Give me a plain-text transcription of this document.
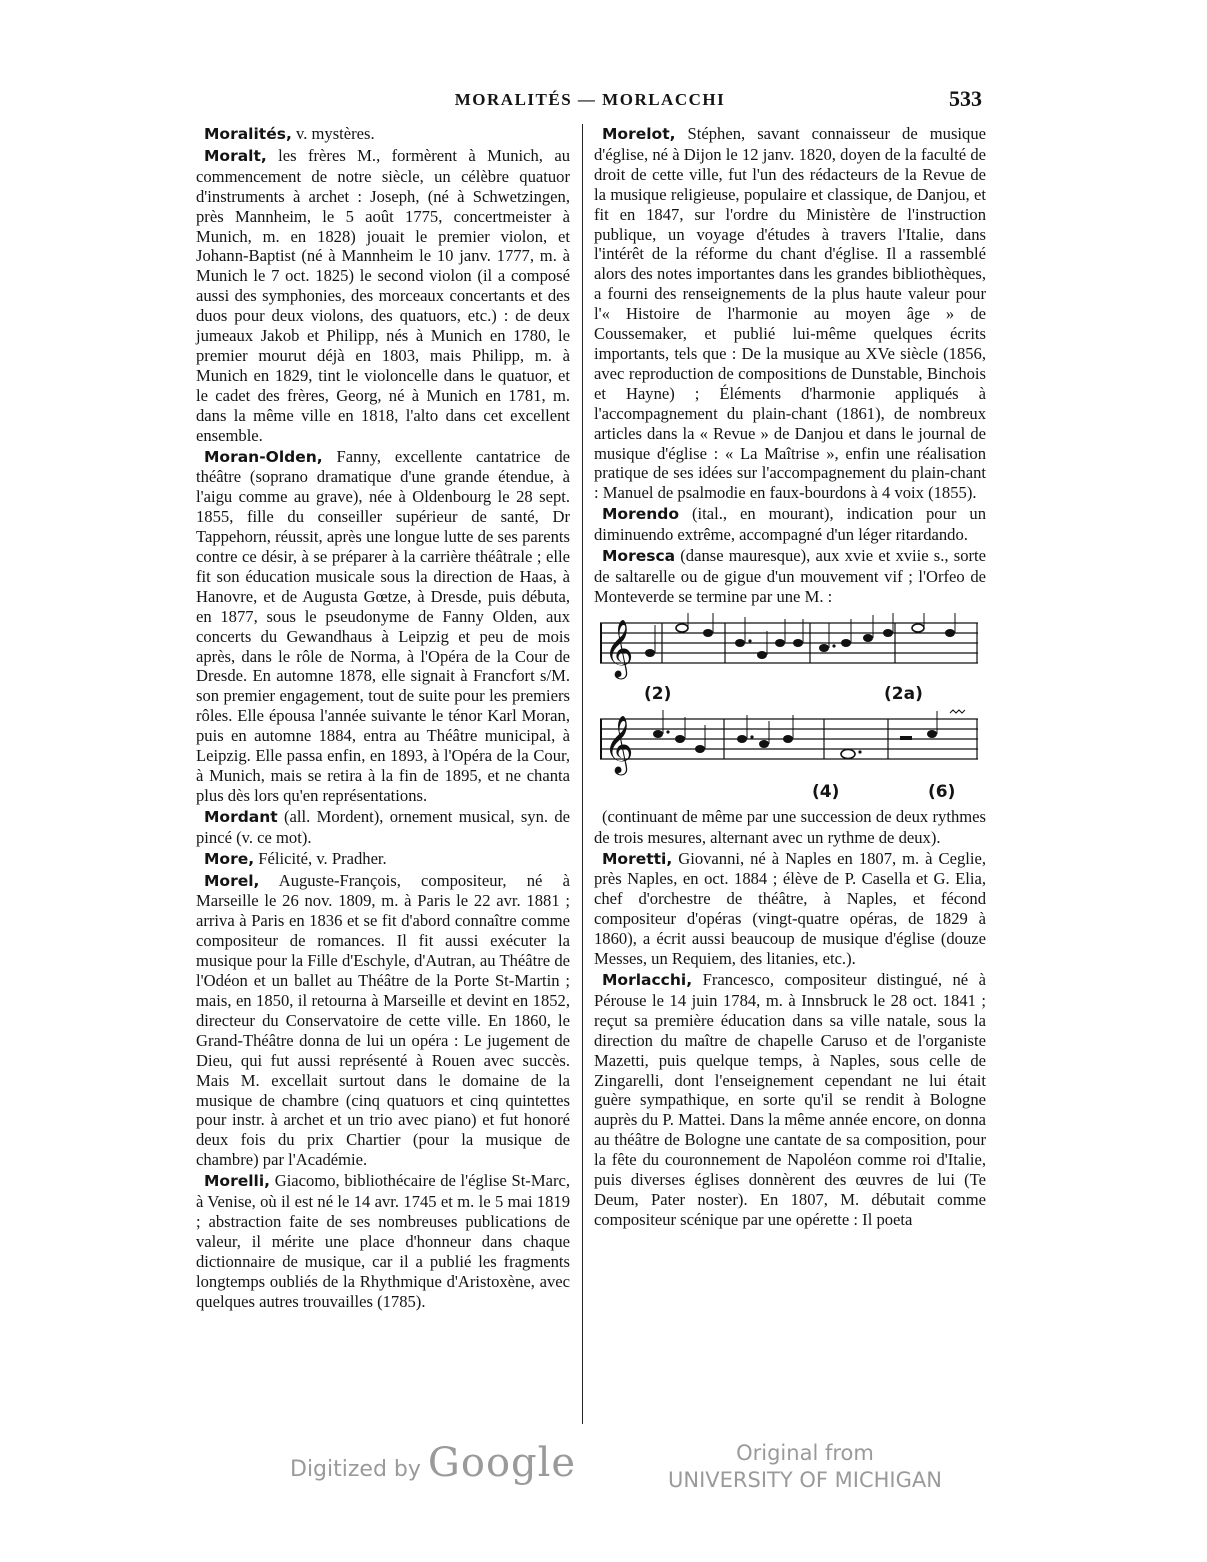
MORALITÉS — MORLACCHI	533
Moralités, v. mystères.
Moralt, les frères M., formèrent à Munich, au commencement de notre siècle, un célèbre quatuor d'instruments à archet : Joseph, (né à Schwetzingen, près Mannheim, le 5 août 1775, concertmeister à Munich, m. en 1828) jouait le premier violon, et Johann-Baptist (né à Mannheim le 10 janv. 1777, m. à Munich le 7 oct. 1825) le second violon (il a composé aussi des symphonies, des morceaux concertants et des duos pour deux violons, des quatuors, etc.) : de deux jumeaux Jakob et Philipp, nés à Munich en 1780, le premier mourut déjà en 1803, mais Philipp, m. à Munich en 1829, tint le violoncelle dans le quatuor, et le cadet des frères, Georg, né à Munich en 1781, m. dans la même ville en 1818, l'alto dans cet excellent ensemble.
Moran-Olden, Fanny, excellente cantatrice de théâtre (soprano dramatique d'une grande étendue, à l'aigu comme au grave), née à Oldenbourg le 28 sept. 1855, fille du conseiller supérieur de santé, Dr Tappehorn, réussit, après une longue lutte de ses parents contre ce désir, à se préparer à la carrière théâtrale ; elle fit son éducation musicale sous la direction de Haas, à Hanovre, et de Augusta Gœtze, à Dresde, puis débuta, en 1877, sous le pseudonyme de Fanny Olden, aux concerts du Gewandhaus à Leipzig et peu de mois après, dans le rôle de Norma, à l'Opéra de la Cour de Dresde. En automne 1878, elle signait à Francfort s/M. son premier engagement, tout de suite pour les premiers rôles. Elle épousa l'année suivante le ténor Karl Moran, puis en automne 1884, entra au Théâtre municipal, à Leipzig. Elle passa enfin, en 1893, à l'Opéra de la Cour, à Munich, mais se retira à la fin de 1895, et ne chanta plus dès lors qu'en représentations.
Mordant (all. Mordent), ornement musical, syn. de pincé (v. ce mot).
More, Félicité, v. Pradher.
Morel, Auguste-François, compositeur, né à Marseille le 26 nov. 1809, m. à Paris le 22 avr. 1881 ; arriva à Paris en 1836 et se fit d'abord connaître comme compositeur de romances. Il fit aussi exécuter la musique pour la Fille d'Eschyle, d'Autran, au Théâtre de l'Odéon et un ballet au Théâtre de la Porte St-Martin ; mais, en 1850, il retourna à Marseille et devint en 1852, directeur du Conservatoire de cette ville. En 1860, le Grand-Théâtre donna de lui un opéra : Le jugement de Dieu, qui fut aussi représenté à Rouen avec succès. Mais M. excellait surtout dans le domaine de la musique de chambre (cinq quatuors et cinq quintettes pour instr. à archet et un trio avec piano) et fut honoré deux fois du prix Chartier (pour la musique de chambre) par l'Académie.
Morelli, Giacomo, bibliothécaire de l'église St-Marc, à Venise, où il est né le 14 avr. 1745 et m. le 5 mai 1819 ; abstraction faite de ses nombreuses publications de valeur, il mérite une place d'honneur dans chaque dictionnaire de musique, car il a publié les fragments longtemps oubliés de la Rhythmique d'Aristoxène, avec quelques autres trouvailles (1785).
Morelot, Stéphen, savant connaisseur de musique d'église, né à Dijon le 12 janv. 1820, doyen de la faculté de droit de cette ville, fut l'un des rédacteurs de la Revue de la musique religieuse, populaire et classique, de Danjou, et fit en 1847, sur l'ordre du Ministère de l'instruction publique, un voyage d'études à travers l'Italie, dans l'intérêt de la réforme du chant d'église. Il a rassemblé alors des notes importantes dans les grandes bibliothèques, a fourni des renseignements de la plus haute valeur pour l'« Histoire de l'harmonie au moyen âge » de Coussemaker, et publié lui-même quelques écrits importants, tels que : De la musique au XVe siècle (1856, avec reproduction de compositions de Dunstable, Binchois et Hayne) ; Éléments d'harmonie appliqués à l'accompagnement du plain-chant (1861), de nombreux articles dans la « Revue » de Danjou et dans le journal de musique d'église : « La Maîtrise », enfin une réalisation pratique de ses idées sur l'accompagnement du plain-chant : Manuel de psalmodie en faux-bourdons à 4 voix (1855).
Morendo (ital., en mourant), indication pour un diminuendo extrême, accompagné d'un léger ritardando.
Moresca (danse mauresque), aux xvie et xviie s., sorte de saltarelle ou de gigue d'un mouvement vif ; l'Orfeo de Monteverde se termine par une M. :
𝄞
(2)	(2a)
𝄞
(4)	(6)
(continuant de même par une succession de deux rythmes de trois mesures, alternant avec un rythme de deux).
Moretti, Giovanni, né à Naples en 1807, m. à Ceglie, près Naples, en oct. 1884 ; élève de P. Casella et G. Elia, chef d'orchestre de théâtre, à Naples, et fécond compositeur d'opéras (vingt-quatre opéras, de 1829 à 1860), a écrit aussi beaucoup de musique d'église (douze Messes, un Requiem, des litanies, etc.).
Morlacchi, Francesco, compositeur distingué, né à Pérouse le 14 juin 1784, m. à Innsbruck le 28 oct. 1841 ; reçut sa première éducation dans sa ville natale, sous la direction du maître de chapelle Caruso et de l'organiste Mazetti, puis quelque temps, à Naples, sous celle de Zingarelli, dont l'enseignement cependant ne lui était guère sympathique, en sorte qu'il se rendit à Bologne auprès du P. Mattei. Dans la même année encore, on donna au théâtre de Bologne une cantate de sa composition, pour la fête du couronnement de Napoléon comme roi d'Italie, puis diverses églises donnèrent des œuvres de lui (Te Deum, Pater noster). En 1807, M. débutait comme compositeur scénique par une opérette : Il poeta
Digitized by Google	Original from
UNIVERSITY OF MICHIGAN
